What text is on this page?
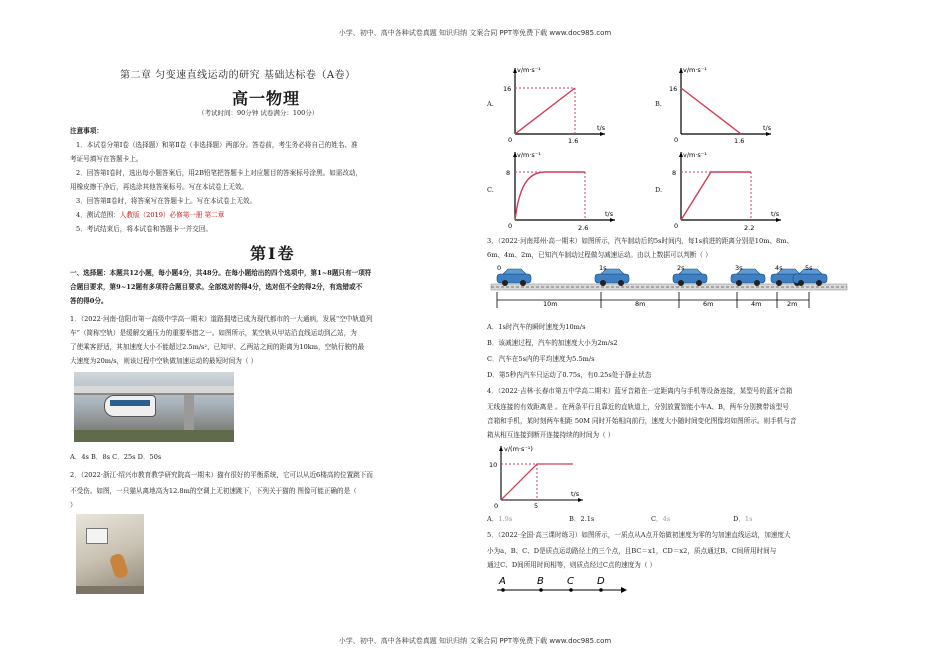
小学、初中、高中各种试卷真题 知识归纳 文案合同 PPT等免费下载 www.doc985.com
小学、初中、高中各种试卷真题 知识归纳 文案合同 PPT等免费下载 www.doc985.com
第二章 匀变速直线运动的研究 基础达标卷（A卷）
高一物理
（考试时间：90分钟 试卷满分：100分）
注意事项：
1．本试卷分第Ⅰ卷（选择题）和第Ⅱ卷（非选择题）两部分。答卷前，考生务必将自己的姓名、准
考证号填写在答题卡上。
2．回答第Ⅰ卷时，选出每小题答案后，用2B铅笔把答题卡上对应题目的答案标号涂黑。如需改动，
用橡皮擦干净后，再选涂其他答案标号。写在本试卷上无效。
3．回答第Ⅱ卷时，将答案写在答题卡上。写在本试卷上无效。
4．测试范围：人教版（2019）必修第一册 第二章
5．考试结束后，将本试卷和答题卡一并交回。
第Ⅰ卷
一、选择题：本题共12小题，每小题4分，共48分。在每小题给出的四个选项中，第1~8题只有一项符
合题目要求，第9~12题有多项符合题目要求。全部选对的得4分，选对但不全的得2分，有选错或不
答的得0分。
1．（2022·河南·信阳市第一高级中学高一期末）道路拥堵已成为现代都市的一大通病，发展“空中轨道列
车”（简称空轨）是缓解交通压力的重要举措之一。如图所示，某空轨从甲站沿直线运动到乙站，为
了使乘客舒适，其加速度大小不能超过2.5m/s²，已知甲、乙两站之间的距离为10km，空轨行驶的最
大速度为20m/s，则该过程中空轨做加速运动的最短时间为（ ）
A．4s B．8s C．25s D．50s
2．（2022·浙江·绍兴市教育教学研究院高一期末）猫有很好的平衡系统，它可以从近6楼高的位置跳下而
不受伤。如图，一只猫从离地高为12.8m的空调上无初速跳下，下列关于猫的 图像可能正确的是（
）
A.
v/m·s⁻¹
16
0	1.6
t/s
B.
v/m·s⁻¹
16
0	1.6
t/s
C.
v/m·s⁻¹
8
0	2.6
t/s
D.
v/m·s⁻¹
8
0	2.2
t/s
3．（2022·河南郑州·高一期末）如图所示，汽车制动后的5s时间内，每1s前进的距离分别是10m、8m、
6m、4m、2m，已知汽车制动过程做匀减速运动。由以上数据可以判断（ ）
0	1s	2s	3s	4s	5s
10m	8m	6m	4m	2m
A．1s时汽车的瞬时速度为10m/s
B．该减速过程，汽车的加速度大小为2m/s2
C．汽车在5s内的平均速度为5.5m/s
D．第5秒内汽车只运动了0.75s，有0.25s处于静止状态
4．（2022·吉林·长春市第五中学高二期末）蓝牙音箱在一定距离内与手机等设备连接，某型号的蓝牙音箱
无线连接的有效距离是 。在两条平行且靠近的直轨道上，分别放置智能小车A、B，两车分别携带该型号
音箱和手机，某时刻两车相距 50M 同时开始相向前行，速度大小随时间变化图像均如图所示。则手机与音
箱从相互连接到断开连接持续的时间为（ ）
v/(m·s⁻¹)
10
0	5
t/s
A．1.9s	B．2.1s	C．4s	D．1s
5．（2022·全国·高三课时练习）如图所示，一质点从A点开始做初速度为零的匀加速直线运动，加速度大
小为a，B、C、D是质点运动路径上的三个点，且BC＝x1，CD＝x2，质点通过B、C间所用时间与
通过C、D间所用时间相等，则质点经过C点的速度为（ ）
A	B C D
